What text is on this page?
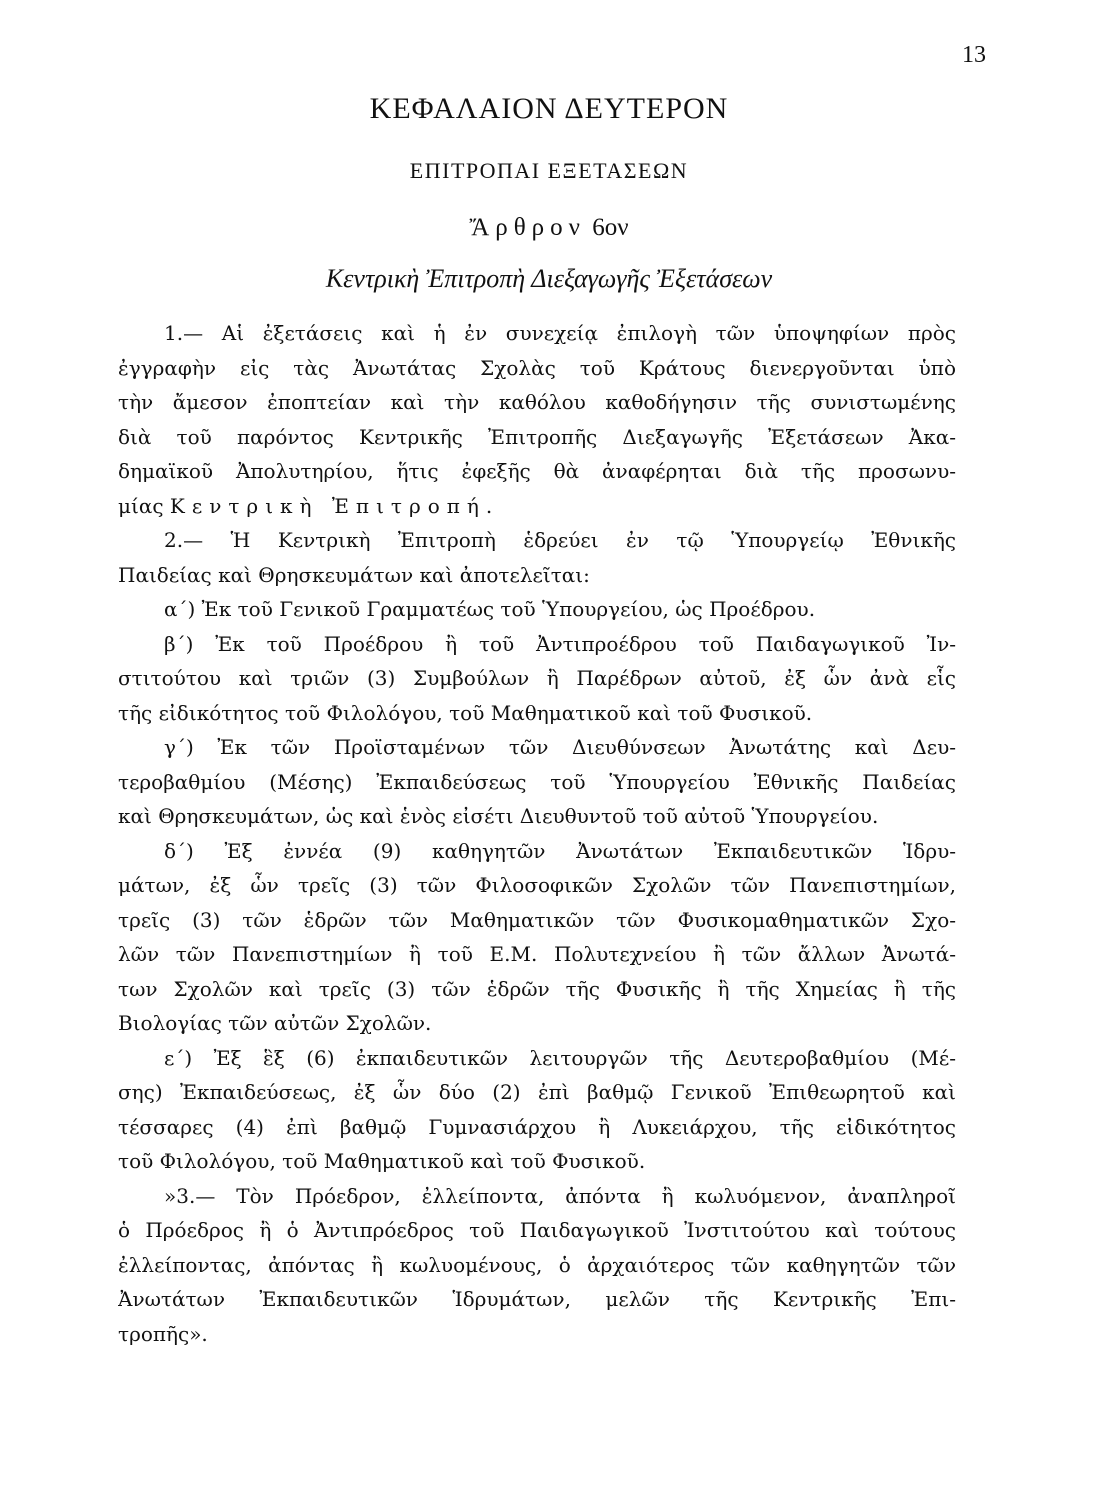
13
ΚΕΦΑΛΑΙΟΝ ΔΕΥΤΕΡΟΝ
ΕΠΙΤΡΟΠΑΙ ΕΞΕΤΑΣΕΩΝ
Ἄρθρον 6ον
Κεντρικὴ Ἐπιτροπὴ Διεξαγωγῆς Ἐξετάσεων
1.— Αἱ ἐξετάσεις καὶ ἡ ἐν συνεχείᾳ ἐπιλογὴ τῶν ὑποψηφίων πρὸς
ἐγγραφὴν εἰς τὰς Ἀνωτάτας Σχολὰς τοῦ Κράτους διενεργοῦνται ὑπὸ
τὴν ἄμεσον ἐποπτείαν καὶ τὴν καθόλου καθοδήγησιν τῆς συνιστωμένης
διὰ τοῦ παρόντος Κεντρικῆς Ἐπιτροπῆς Διεξαγωγῆς Ἐξετάσεων Ἀκα-
δημαϊκοῦ Ἀπολυτηρίου, ἥτις ἐφεξῆς θὰ ἀναφέρηται διὰ τῆς προσωνυ-
μίας Κεντρικὴ Ἐπιτροπή.
2.— Ἡ Κεντρικὴ Ἐπιτροπὴ ἑδρεύει ἐν τῷ Ὑπουργείῳ Ἐθνικῆς
Παιδείας καὶ Θρησκευμάτων καὶ ἀποτελεῖται:
α΄) Ἐκ τοῦ Γενικοῦ Γραμματέως τοῦ Ὑπουργείου, ὡς Προέδρου.
β΄) Ἐκ τοῦ Προέδρου ἢ τοῦ Ἀντιπροέδρου τοῦ Παιδαγωγικοῦ Ἰν-
στιτούτου καὶ τριῶν (3) Συμβούλων ἢ Παρέδρων αὐτοῦ, ἐξ ὧν ἀνὰ εἷς
τῆς εἰδικότητος τοῦ Φιλολόγου, τοῦ Μαθηματικοῦ καὶ τοῦ Φυσικοῦ.
γ΄) Ἐκ τῶν Προϊσταμένων τῶν Διευθύνσεων Ἀνωτάτης καὶ Δευ-
τεροβαθμίου (Μέσης) Ἐκπαιδεύσεως τοῦ Ὑπουργείου Ἐθνικῆς Παιδείας
καὶ Θρησκευμάτων, ὡς καὶ ἑνὸς εἰσέτι Διευθυντοῦ τοῦ αὐτοῦ Ὑπουργείου.
δ΄) Ἐξ ἐννέα (9) καθηγητῶν Ἀνωτάτων Ἐκπαιδευτικῶν Ἱδρυ-
μάτων, ἐξ ὧν τρεῖς (3) τῶν Φιλοσοφικῶν Σχολῶν τῶν Πανεπιστημίων,
τρεῖς (3) τῶν ἑδρῶν τῶν Μαθηματικῶν τῶν Φυσικομαθηματικῶν Σχο-
λῶν τῶν Πανεπιστημίων ἢ τοῦ Ε.Μ. Πολυτεχνείου ἢ τῶν ἄλλων Ἀνωτά-
των Σχολῶν καὶ τρεῖς (3) τῶν ἑδρῶν τῆς Φυσικῆς ἢ τῆς Χημείας ἢ τῆς
Βιολογίας τῶν αὐτῶν Σχολῶν.
ε΄) Ἐξ ἓξ (6) ἐκπαιδευτικῶν λειτουργῶν τῆς Δευτεροβαθμίου (Μέ-
σης) Ἐκπαιδεύσεως, ἐξ ὧν δύο (2) ἐπὶ βαθμῷ Γενικοῦ Ἐπιθεωρητοῦ καὶ
τέσσαρες (4) ἐπὶ βαθμῷ Γυμνασιάρχου ἢ Λυκειάρχου, τῆς εἰδικότητος
τοῦ Φιλολόγου, τοῦ Μαθηματικοῦ καὶ τοῦ Φυσικοῦ.
»3.— Τὸν Πρόεδρον, ἐλλείποντα, ἀπόντα ἢ κωλυόμενον, ἀναπληροῖ
ὁ Πρόεδρος ἢ ὁ Ἀντιπρόεδρος τοῦ Παιδαγωγικοῦ Ἰνστιτούτου καὶ τούτους
ἐλλείποντας, ἀπόντας ἢ κωλυομένους, ὁ ἀρχαιότερος τῶν καθηγητῶν τῶν
Ἀνωτάτων Ἐκπαιδευτικῶν Ἱδρυμάτων, μελῶν τῆς Κεντρικῆς Ἐπι-
τροπῆς».
